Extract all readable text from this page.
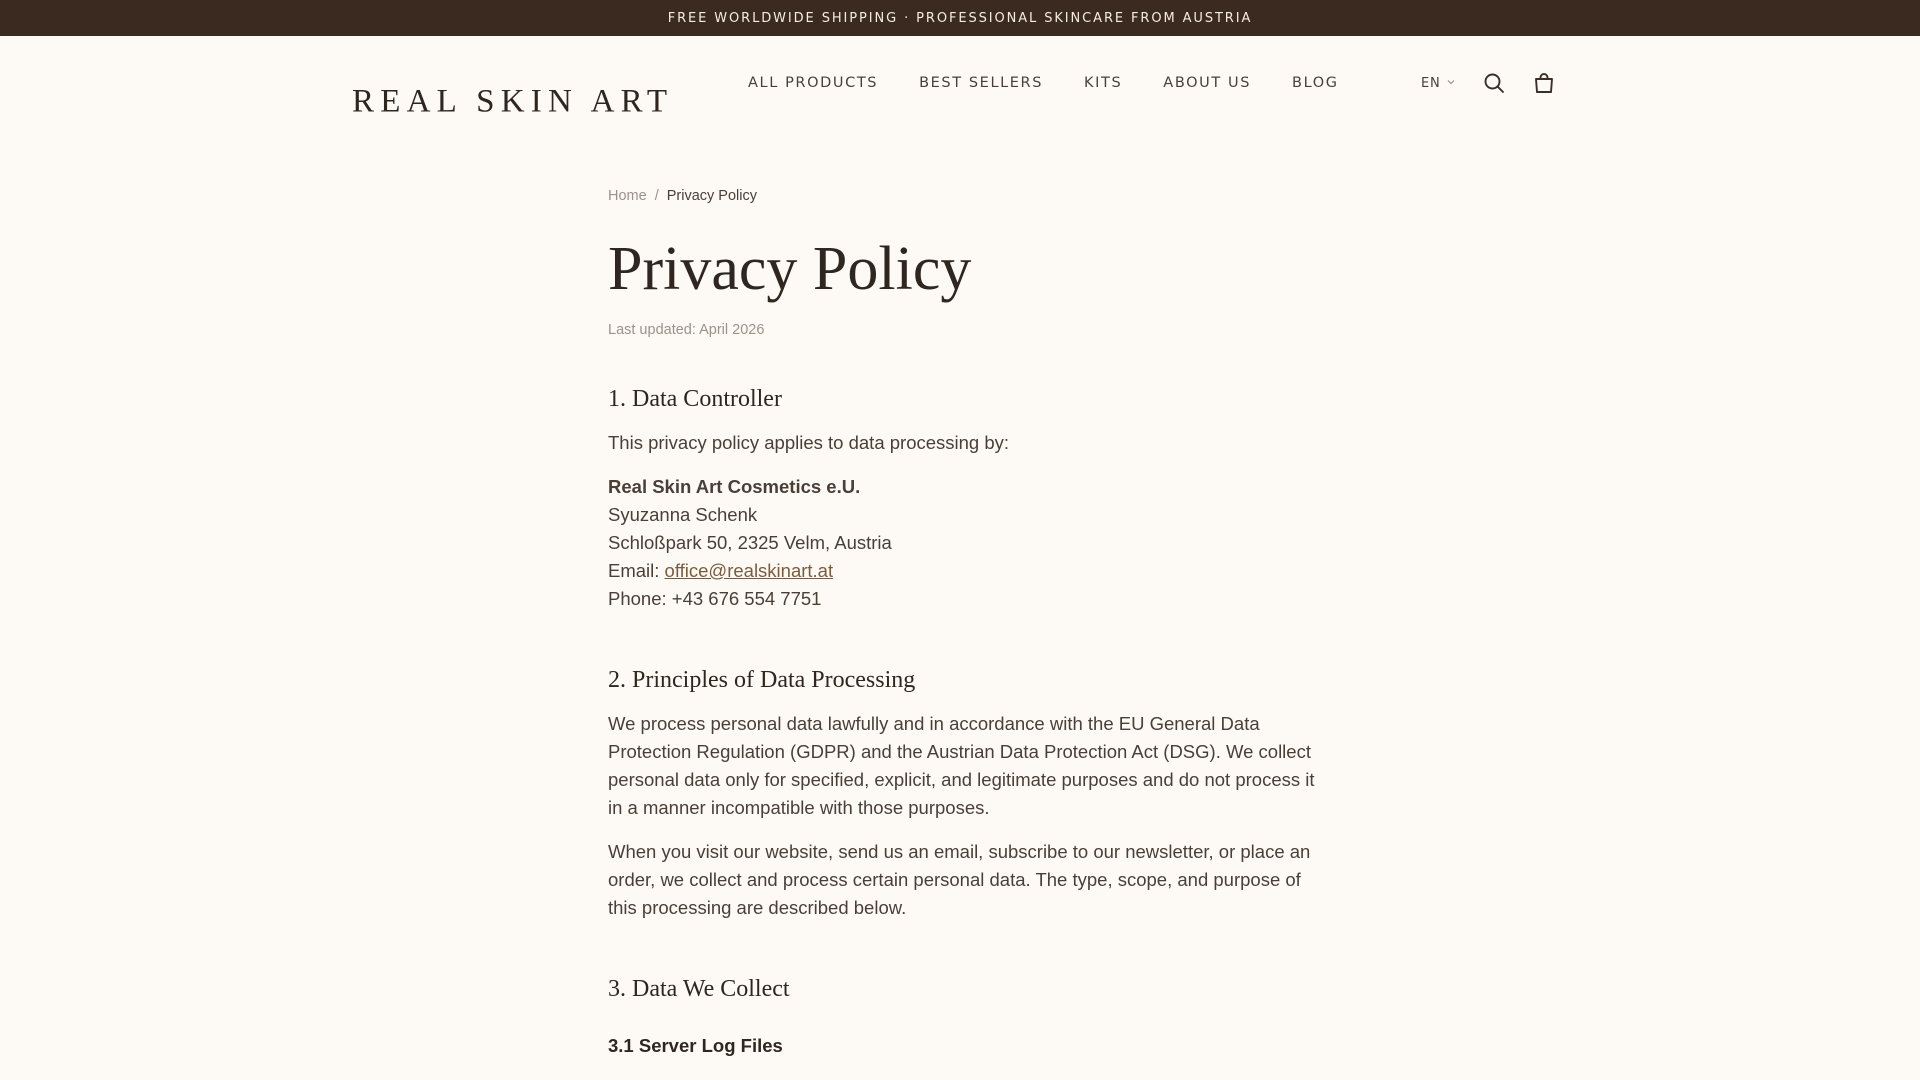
FREE WORLDWIDE SHIPPING · PROFESSIONAL SKINCARE FROM AUSTRIA
REAL SKIN ART
ALL PRODUCTS	BEST SELLERS	KITS	ABOUT US	BLOG	EN
Home / Privacy Policy
Privacy Policy
Last updated: April 2026
1. Data Controller

This privacy policy applies to data processing by:

Real Skin Art Cosmetics e.U.

Syuzanna Schenk

Schloßpark 50, 2325 Velm, Austria

Email: office@realskinart.at

Phone: +43 676 554 7751

2. Principles of Data Processing

We process personal data lawfully and in accordance with the EU General Data Protection Regulation (GDPR) and the Austrian Data Protection Act (DSG). We collect personal data only for specified, explicit, and legitimate purposes and do not process it in a manner incompatible with those purposes.

When you visit our website, send us an email, subscribe to our newsletter, or place an order, we collect and process certain personal data. The type, scope, and purpose of this processing are described below.

3. Data We Collect
3.1 Server Log Files
